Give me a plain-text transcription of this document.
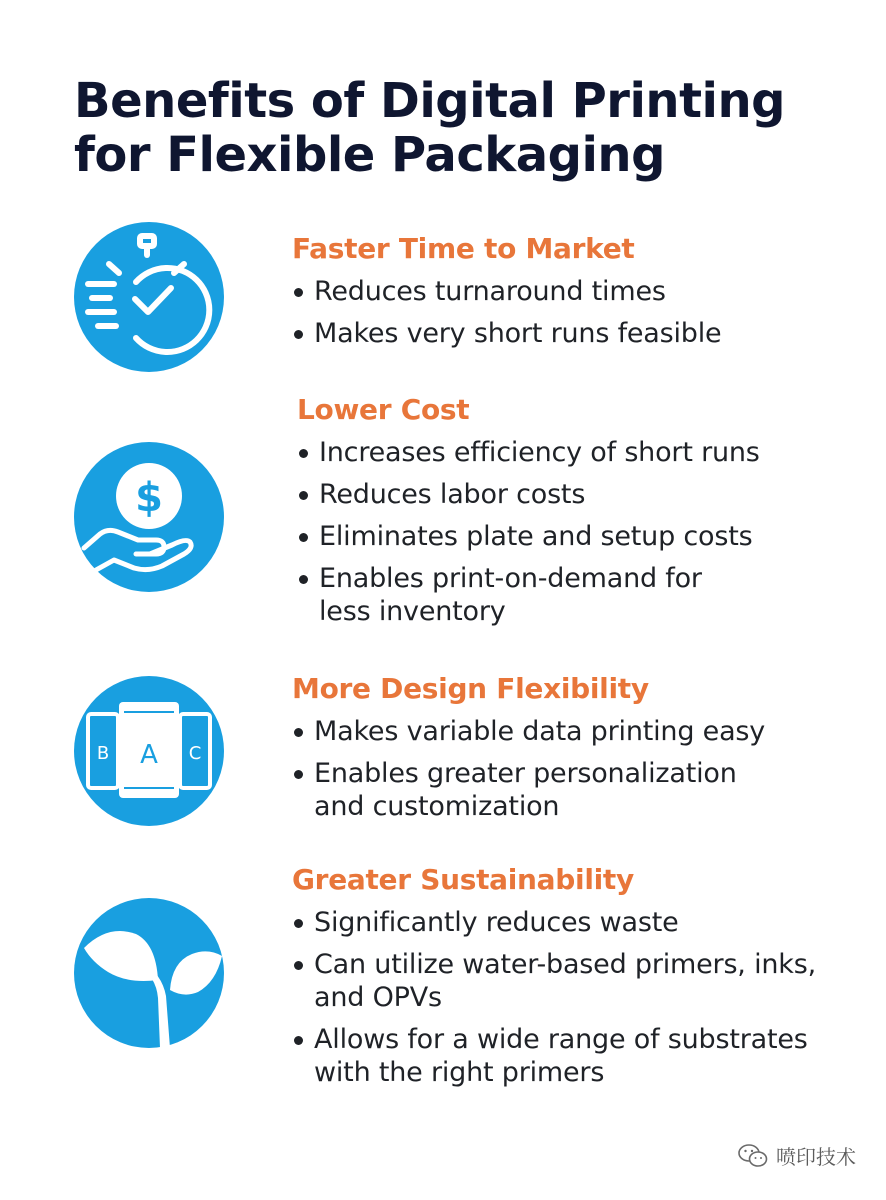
Benefits of Digital Printing
for Flexible Packaging
$
B A C
Faster Time to Market
Reduces turnaround times
Makes very short runs feasible
Lower Cost
Increases efficiency of short runs
Reduces labor costs
Eliminates plate and setup costs
Enables print-on-demand for less inventory
More Design Flexibility
Makes variable data printing easy
Enables greater personalization and customization
Greater Sustainability
Significantly reduces waste
Can utilize water-based primers, inks, and OPVs
Allows for a wide range of substrates with the right primers
喷印技术
